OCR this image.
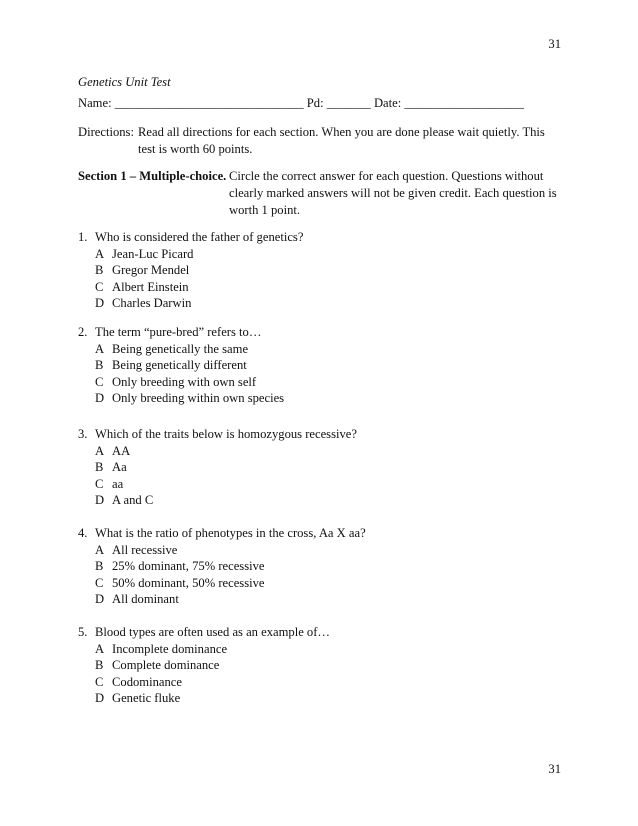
31
Genetics Unit Test
Name: ______________________________ Pd: _______ Date: ___________________
Directions: Read all directions for each section. When you are done please wait quietly. This
test is worth 60 points.
Section 1 – Multiple-choice. Circle the correct answer for each question. Questions without
clearly marked answers will not be given credit. Each question is
worth 1 point.
1. Who is considered the father of genetics?
A Jean-Luc Picard
B Gregor Mendel
C Albert Einstein
D Charles Darwin
2. The term “pure-bred” refers to…
A Being genetically the same
B Being genetically different
C Only breeding with own self
D Only breeding within own species
3. Which of the traits below is homozygous recessive?
A AA
B Aa
C aa
D A and C
4. What is the ratio of phenotypes in the cross, Aa X aa?
A All recessive
B 25% dominant, 75% recessive
C 50% dominant, 50% recessive
D All dominant
5. Blood types are often used as an example of…
A Incomplete dominance
B Complete dominance
C Codominance
D Genetic fluke
31
